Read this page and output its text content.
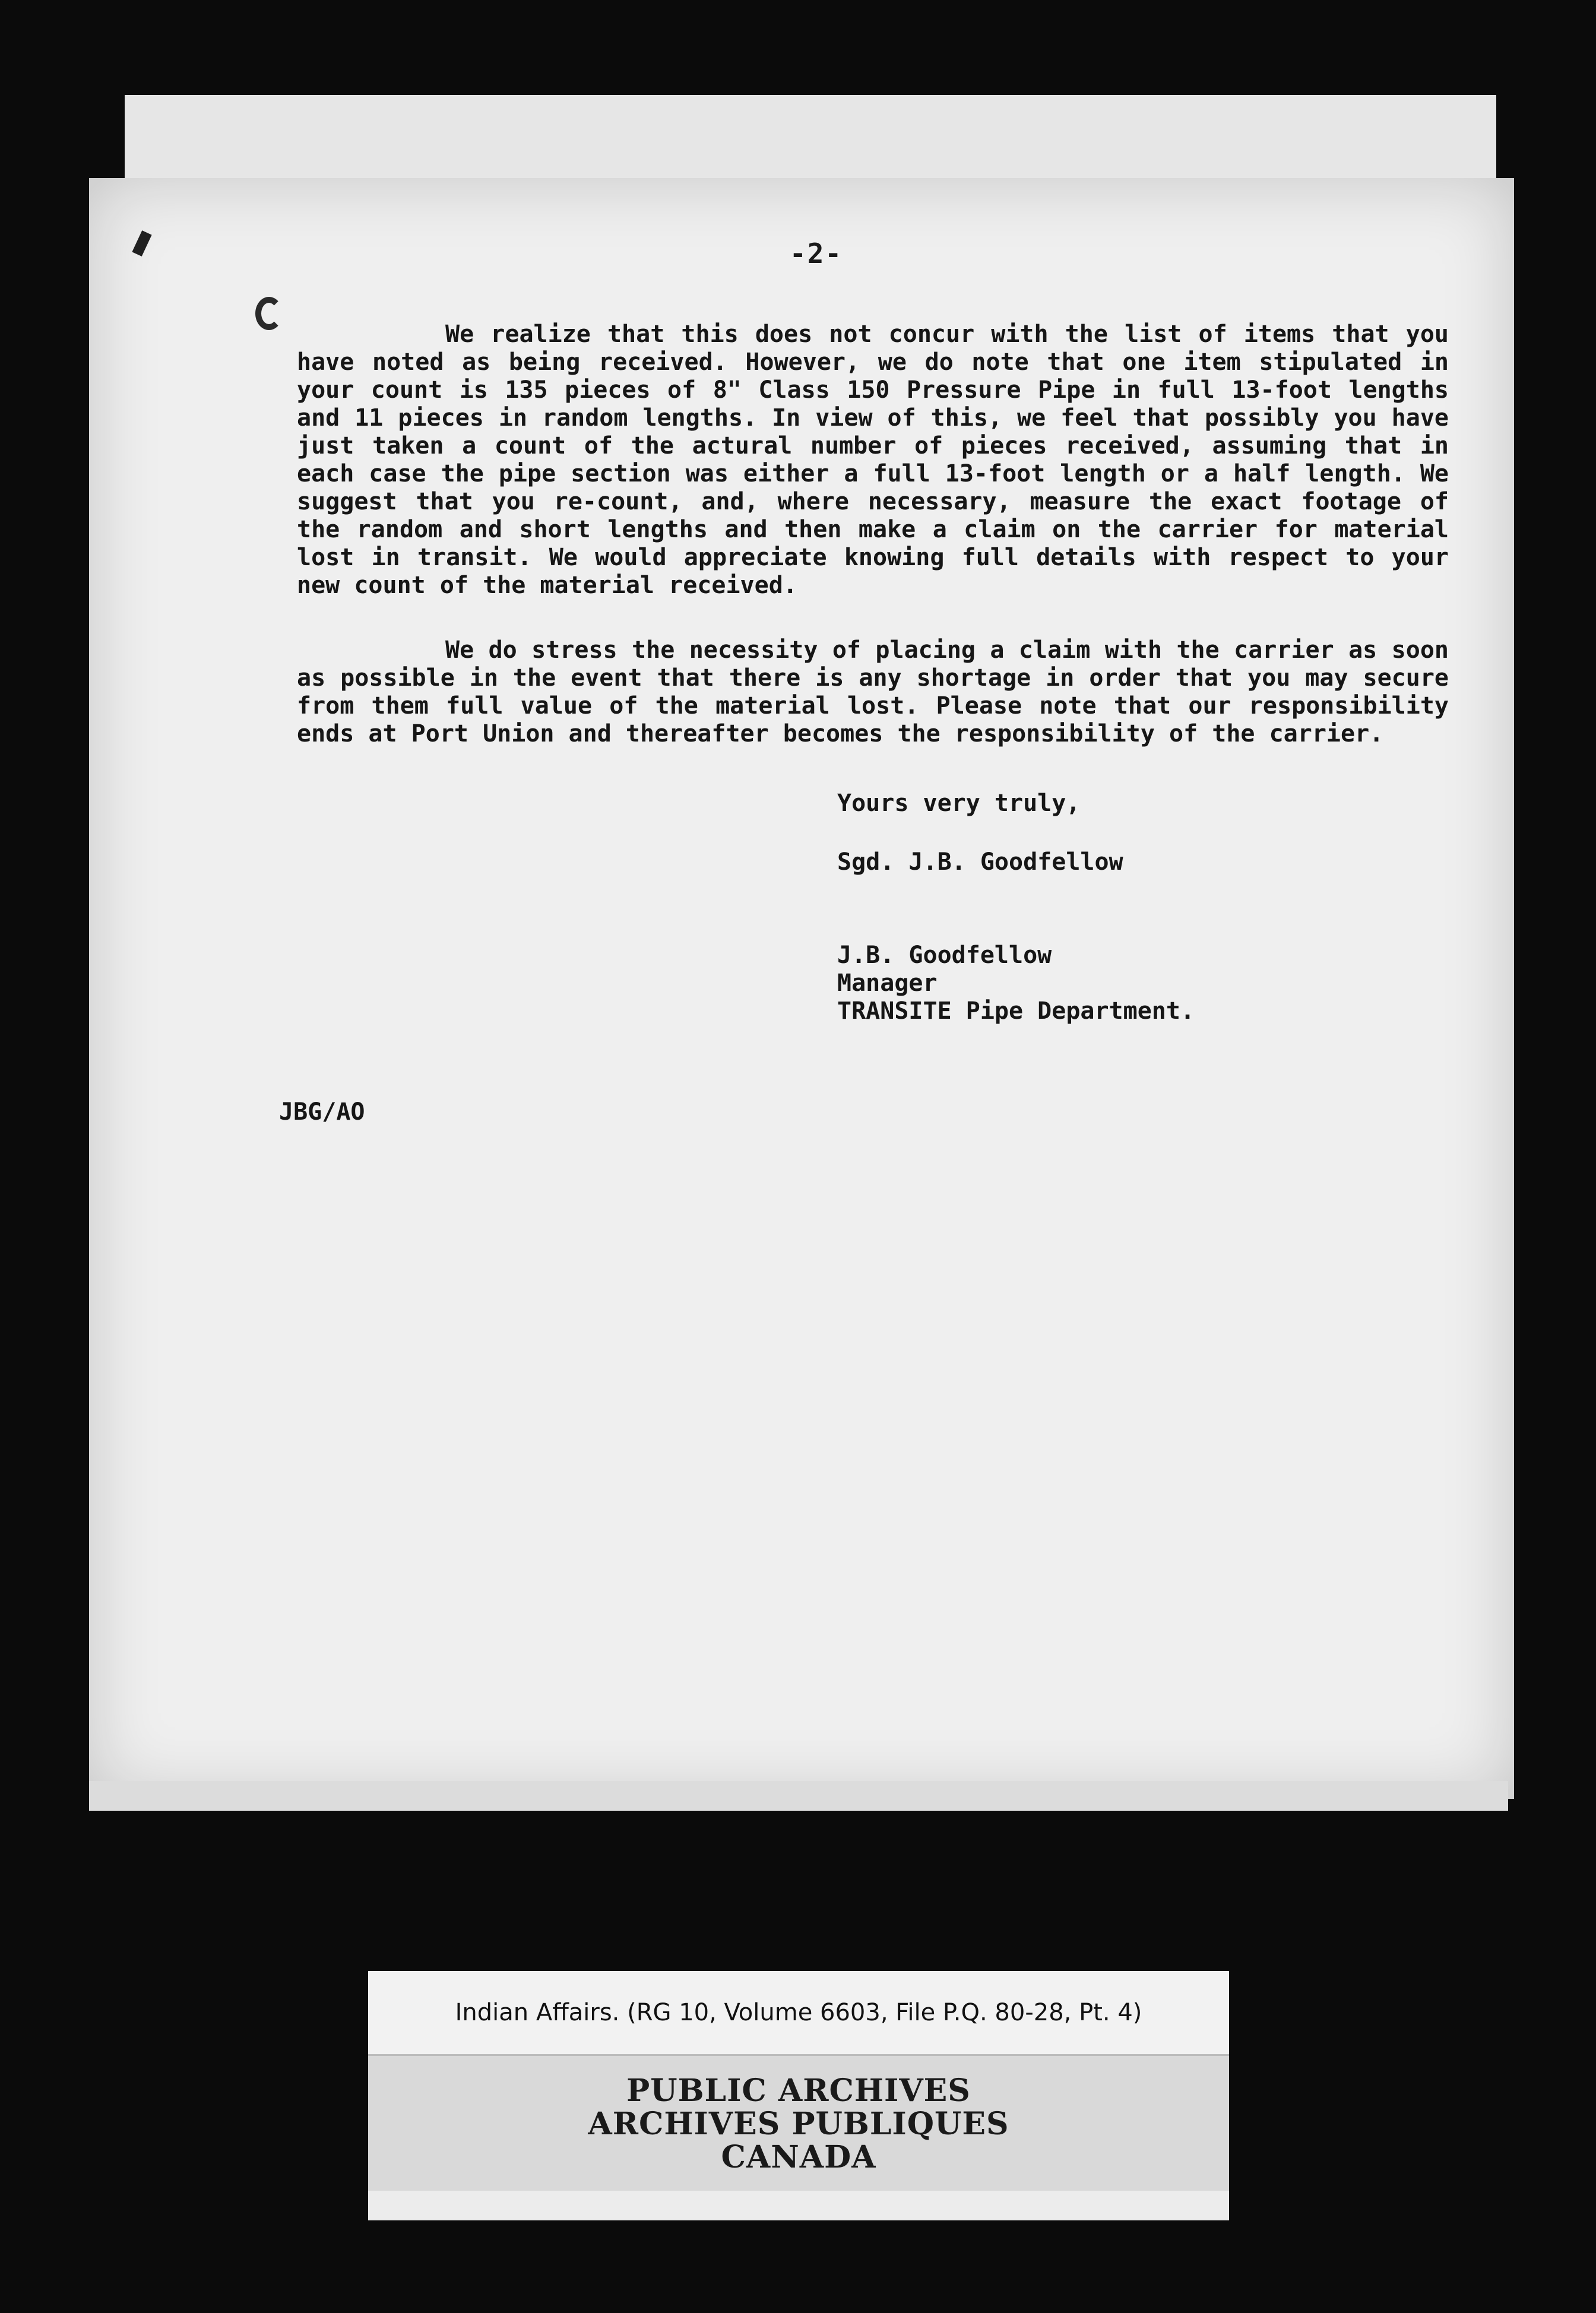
-2-

We realize that this does not concur with the list of items that you have noted as being received. However, we do note that one item stipulated in your count is 135 pieces of 8" Class 150 Pressure Pipe in full 13-foot lengths and 11 pieces in random lengths. In view of this, we feel that possibly you have just taken a count of the actural number of pieces received, assuming that in each case the pipe section was either a full 13-foot length or a half length. We suggest that you re-count, and, where necessary, measure the exact footage of the random and short lengths and then make a claim on the carrier for material lost in transit. We would appreciate knowing full details with respect to your new count of the material received.

We do stress the necessity of placing a claim with the carrier as soon as possible in the event that there is any shortage in order that you may secure from them full value of the material lost. Please note that our responsibility ends at Port Union and thereafter becomes the responsibility of the carrier.

Yours very truly,
Sgd. J.B. Goodfellow
J.B. Goodfellow
Manager
TRANSITE Pipe Department.
JBG/AO
Indian Affairs. (RG 10, Volume 6603, File P.Q. 80-28, Pt. 4)
PUBLIC ARCHIVES
ARCHIVES PUBLIQUES
CANADA
